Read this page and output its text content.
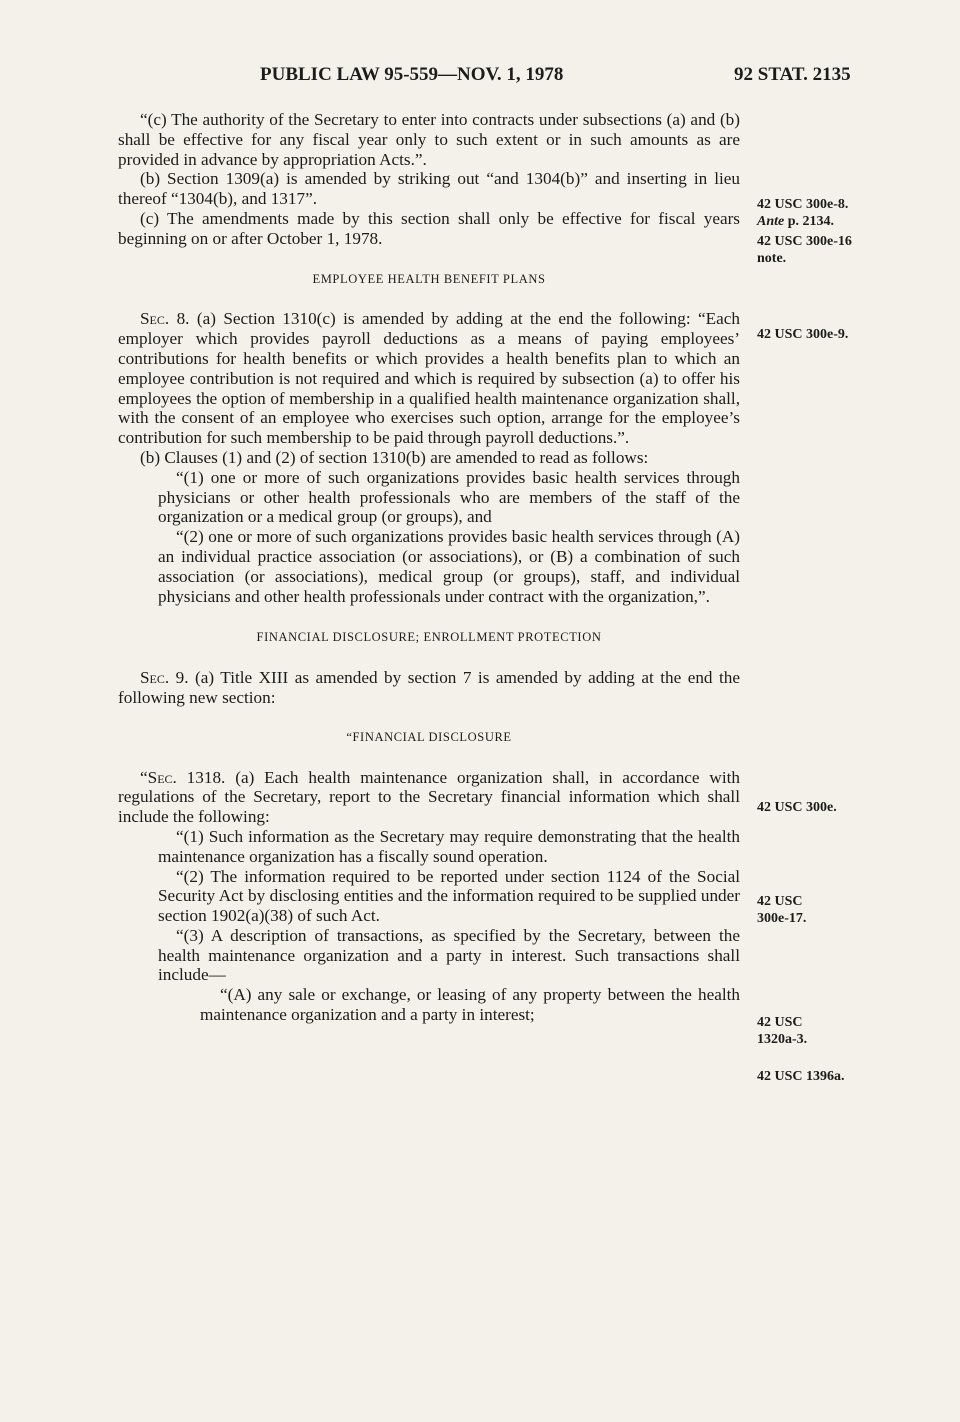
PUBLIC LAW 95-559—NOV. 1, 1978	92 STAT. 2135

“(c) The authority of the Secretary to enter into contracts under subsections (a) and (b) shall be effective for any fiscal year only to such extent or in such amounts as are provided in advance by appropriation Acts.”.

(b) Section 1309(a) is amended by striking out “and 1304(b)” and inserting in lieu thereof “1304(b), and 1317”.

(c) The amendments made by this section shall only be effective for fiscal years beginning on or after October 1, 1978.

EMPLOYEE HEALTH BENEFIT PLANS

Sec. 8. (a) Section 1310(c) is amended by adding at the end the following: “Each employer which provides payroll deductions as a means of paying employees’ contributions for health benefits or which provides a health benefits plan to which an employee contribution is not required and which is required by subsection (a) to offer his employees the option of membership in a qualified health maintenance organization shall, with the consent of an employee who exercises such option, arrange for the employee’s contribution for such membership to be paid through payroll deductions.”.

(b) Clauses (1) and (2) of section 1310(b) are amended to read as follows:

“(1) one or more of such organizations provides basic health services through physicians or other health professionals who are members of the staff of the organization or a medical group (or groups), and

“(2) one or more of such organizations provides basic health services through (A) an individual practice association (or associations), or (B) a combination of such association (or associations), medical group (or groups), staff, and individual physicians and other health professionals under contract with the organization,”.

FINANCIAL DISCLOSURE; ENROLLMENT PROTECTION

Sec. 9. (a) Title XIII as amended by section 7 is amended by adding at the end the following new section:

“FINANCIAL DISCLOSURE

“Sec. 1318. (a) Each health maintenance organization shall, in accordance with regulations of the Secretary, report to the Secretary financial information which shall include the following:

“(1) Such information as the Secretary may require demonstrating that the health maintenance organization has a fiscally sound operation.

“(2) The information required to be reported under section 1124 of the Social Security Act by disclosing entities and the information required to be supplied under section 1902(a)(38) of such Act.

“(3) A description of transactions, as specified by the Secretary, between the health maintenance organization and a party in interest. Such transactions shall include—

“(A) any sale or exchange, or leasing of any property between the health maintenance organization and a party in interest;

42 USC 300e-8.
Ante p. 2134.
42 USC 300e-16
note.
42 USC 300e-9.
42 USC 300e.
42 USC
300e-17.
42 USC
1320a-3.
42 USC 1396a.
